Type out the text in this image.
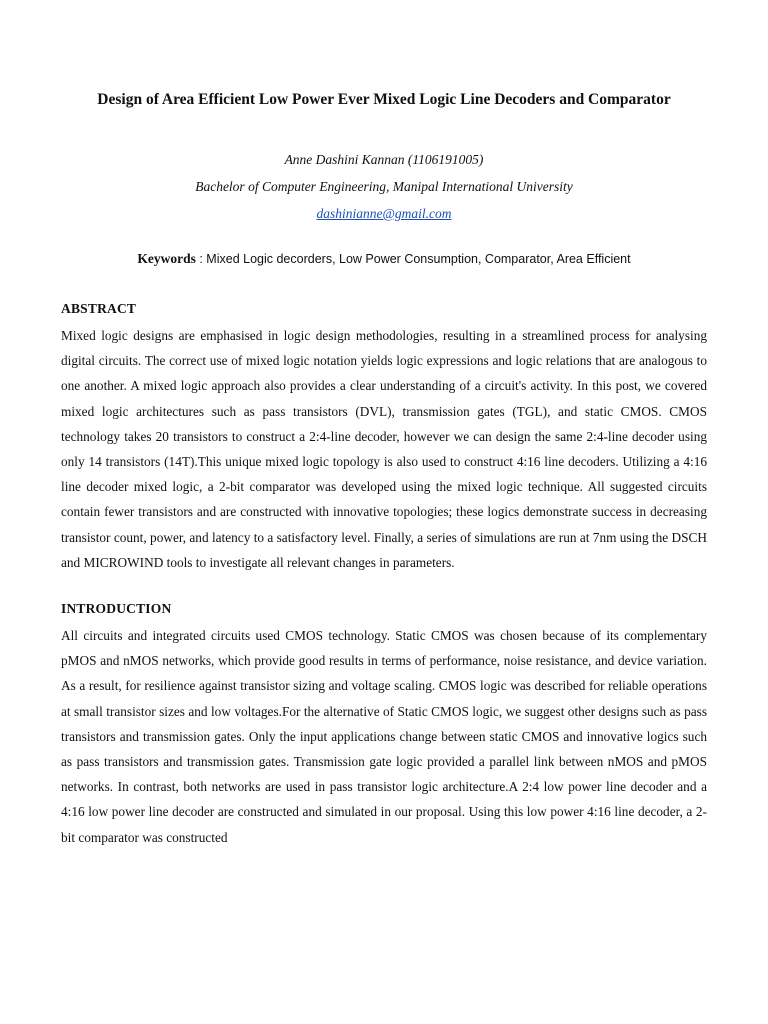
Design of Area Efficient Low Power Ever Mixed Logic Line Decoders and Comparator
Anne Dashini Kannan (1106191005)
Bachelor of Computer Engineering, Manipal International University
dashinianne@gmail.com
Keywords : Mixed Logic decorders, Low Power Consumption, Comparator, Area Efficient
ABSTRACT

Mixed logic designs are emphasised in logic design methodologies, resulting in a streamlined process for analysing digital circuits. The correct use of mixed logic notation yields logic expressions and logic relations that are analogous to one another. A mixed logic approach also provides a clear understanding of a circuit's activity. In this post, we covered mixed logic architectures such as pass transistors (DVL), transmission gates (TGL), and static CMOS. CMOS technology takes 20 transistors to construct a 2:4-line decoder, however we can design the same 2:4-line decoder using only 14 transistors (14T).This unique mixed logic topology is also used to construct 4:16 line decoders. Utilizing a 4:16 line decoder mixed logic, a 2-bit comparator was developed using the mixed logic technique. All suggested circuits contain fewer transistors and are constructed with innovative topologies; these logics demonstrate success in decreasing transistor count, power, and latency to a satisfactory level. Finally, a series of simulations are run at 7nm using the DSCH and MICROWIND tools to investigate all relevant changes in parameters.

INTRODUCTION

All circuits and integrated circuits used CMOS technology. Static CMOS was chosen because of its complementary pMOS and nMOS networks, which provide good results in terms of performance, noise resistance, and device variation. As a result, for resilience against transistor sizing and voltage scaling. CMOS logic was described for reliable operations at small transistor sizes and low voltages.For the alternative of Static CMOS logic, we suggest other designs such as pass transistors and transmission gates. Only the input applications change between static CMOS and innovative logics such as pass transistors and transmission gates. Transmission gate logic provided a parallel link between nMOS and pMOS networks. In contrast, both networks are used in pass transistor logic architecture.A 2:4 low power line decoder and a 4:16 low power line decoder are constructed and simulated in our proposal. Using this low power 4:16 line decoder, a 2-bit comparator was constructed
